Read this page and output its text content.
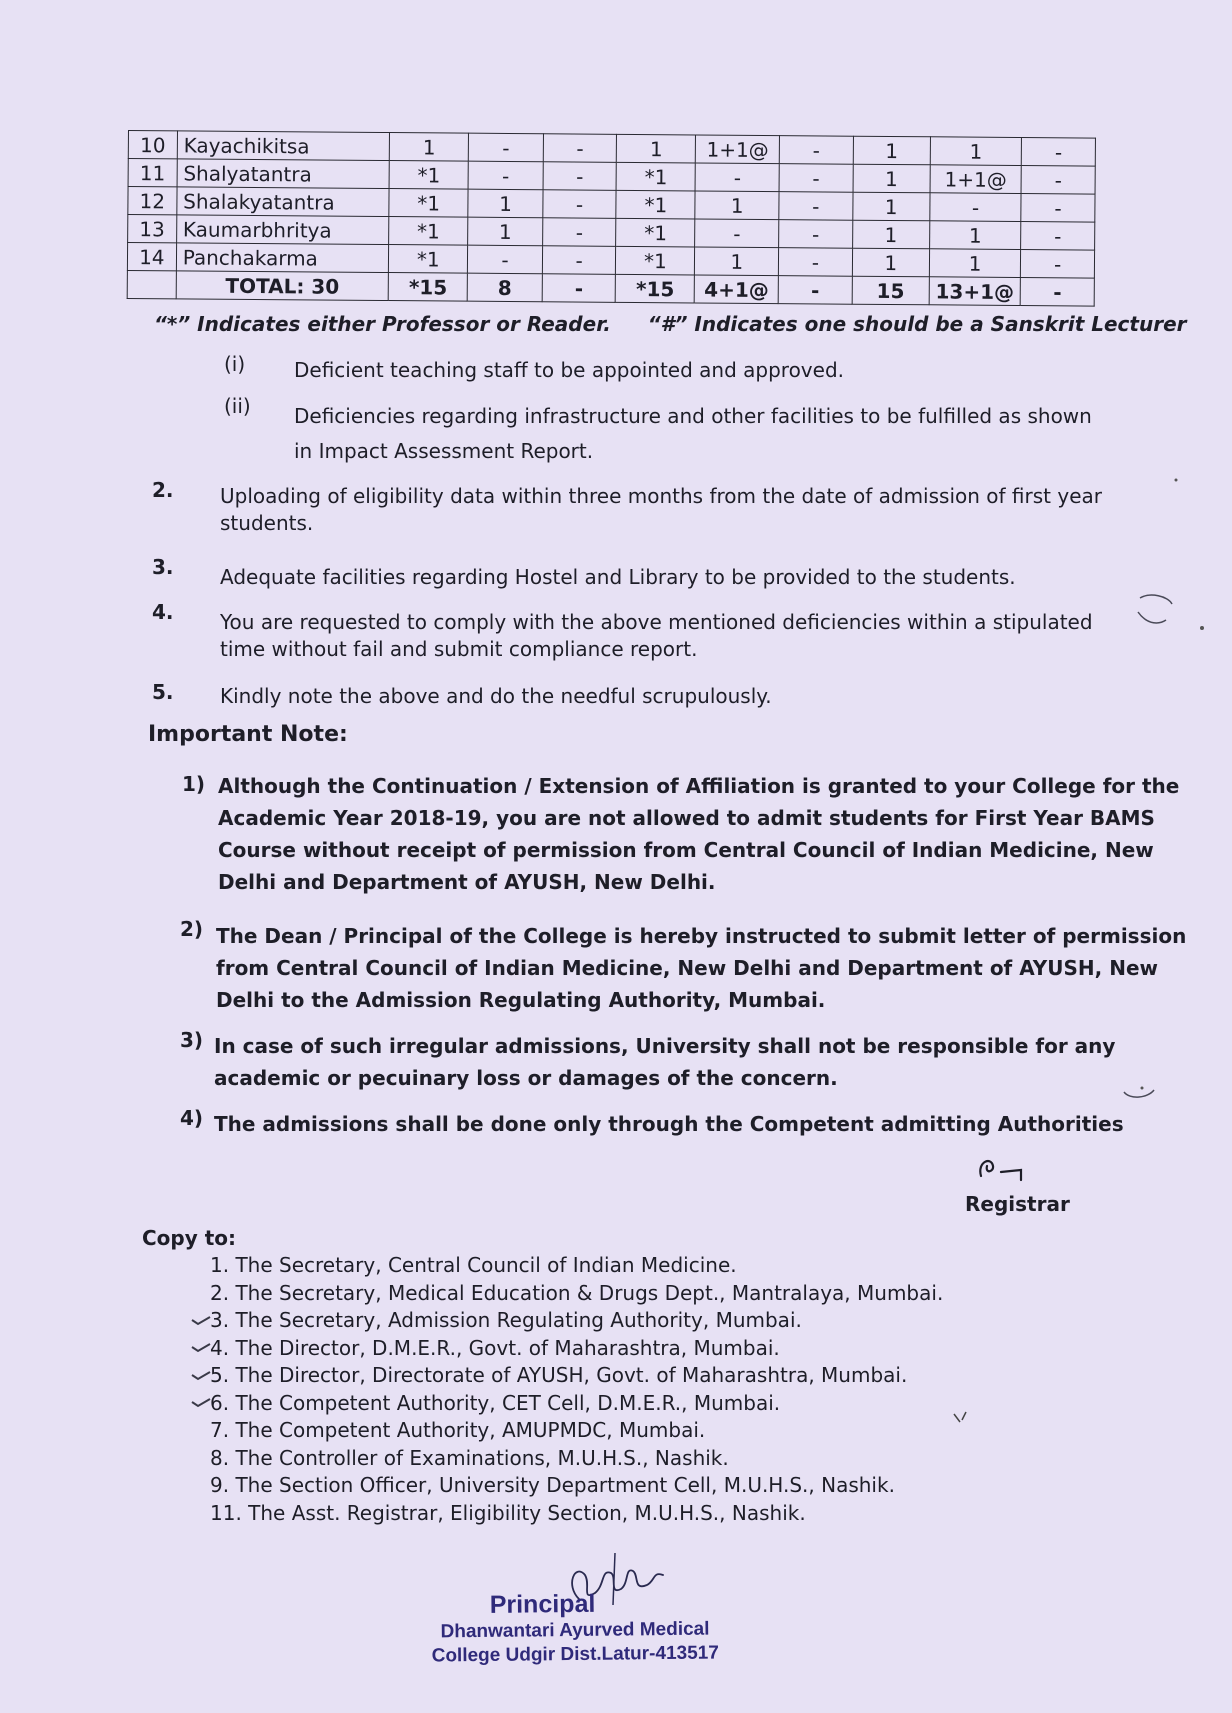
10	Kayachikitsa	1	-	-	1	1+1@	-	1	1	-
11	Shalyatantra	*1	-	-	*1	-	-	1	1+1@	-
12	Shalakyatantra	*1	1	-	*1	1	-	1	-	-
13	Kaumarbhritya	*1	1	-	*1	-	-	1	1	-
14	Panchakarma	*1	-	-	*1	1	-	1	1	-
	TOTAL: 30	*15	8	-	*15	4+1@	-	15	13+1@	-
“*” Indicates either Professor or Reader. “#” Indicates one should be a Sanskrit Lecturer
(i) Deficient teaching staff to be appointed and approved.
(ii) Deficiencies regarding infrastructure and other facilities to be fulfilled as shown
in Impact Assessment Report.
2. Uploading of eligibility data within three months from the date of admission of first year
students.
3. Adequate facilities regarding Hostel and Library to be provided to the students.
4. You are requested to comply with the above mentioned deficiencies within a stipulated
time without fail and submit compliance report.
5. Kindly note the above and do the needful scrupulously.
Important Note:
1) Although the Continuation / Extension of Affiliation is granted to your College for the
Academic Year 2018-19, you are not allowed to admit students for First Year BAMS
Course without receipt of permission from Central Council of Indian Medicine, New
Delhi and Department of AYUSH, New Delhi.
2) The Dean / Principal of the College is hereby instructed to submit letter of permission
from Central Council of Indian Medicine, New Delhi and Department of AYUSH, New
Delhi to the Admission Regulating Authority, Mumbai.
3) In case of such irregular admissions, University shall not be responsible for any
academic or pecuinary loss or damages of the concern.
4) The admissions shall be done only through the Competent admitting Authorities
Registrar
Copy to:
1. The Secretary, Central Council of Indian Medicine.
2. The Secretary, Medical Education & Drugs Dept., Mantralaya, Mumbai.
3. The Secretary, Admission Regulating Authority, Mumbai.
4. The Director, D.M.E.R., Govt. of Maharashtra, Mumbai.
5. The Director, Directorate of AYUSH, Govt. of Maharashtra, Mumbai.
6. The Competent Authority, CET Cell, D.M.E.R., Mumbai.
7. The Competent Authority, AMUPMDC, Mumbai.
8. The Controller of Examinations, M.U.H.S., Nashik.
9. The Section Officer, University Department Cell, M.U.H.S., Nashik.
11. The Asst. Registrar, Eligibility Section, M.U.H.S., Nashik.
Principal
Dhanwantari Ayurved Medical
College Udgir Dist.Latur-413517
